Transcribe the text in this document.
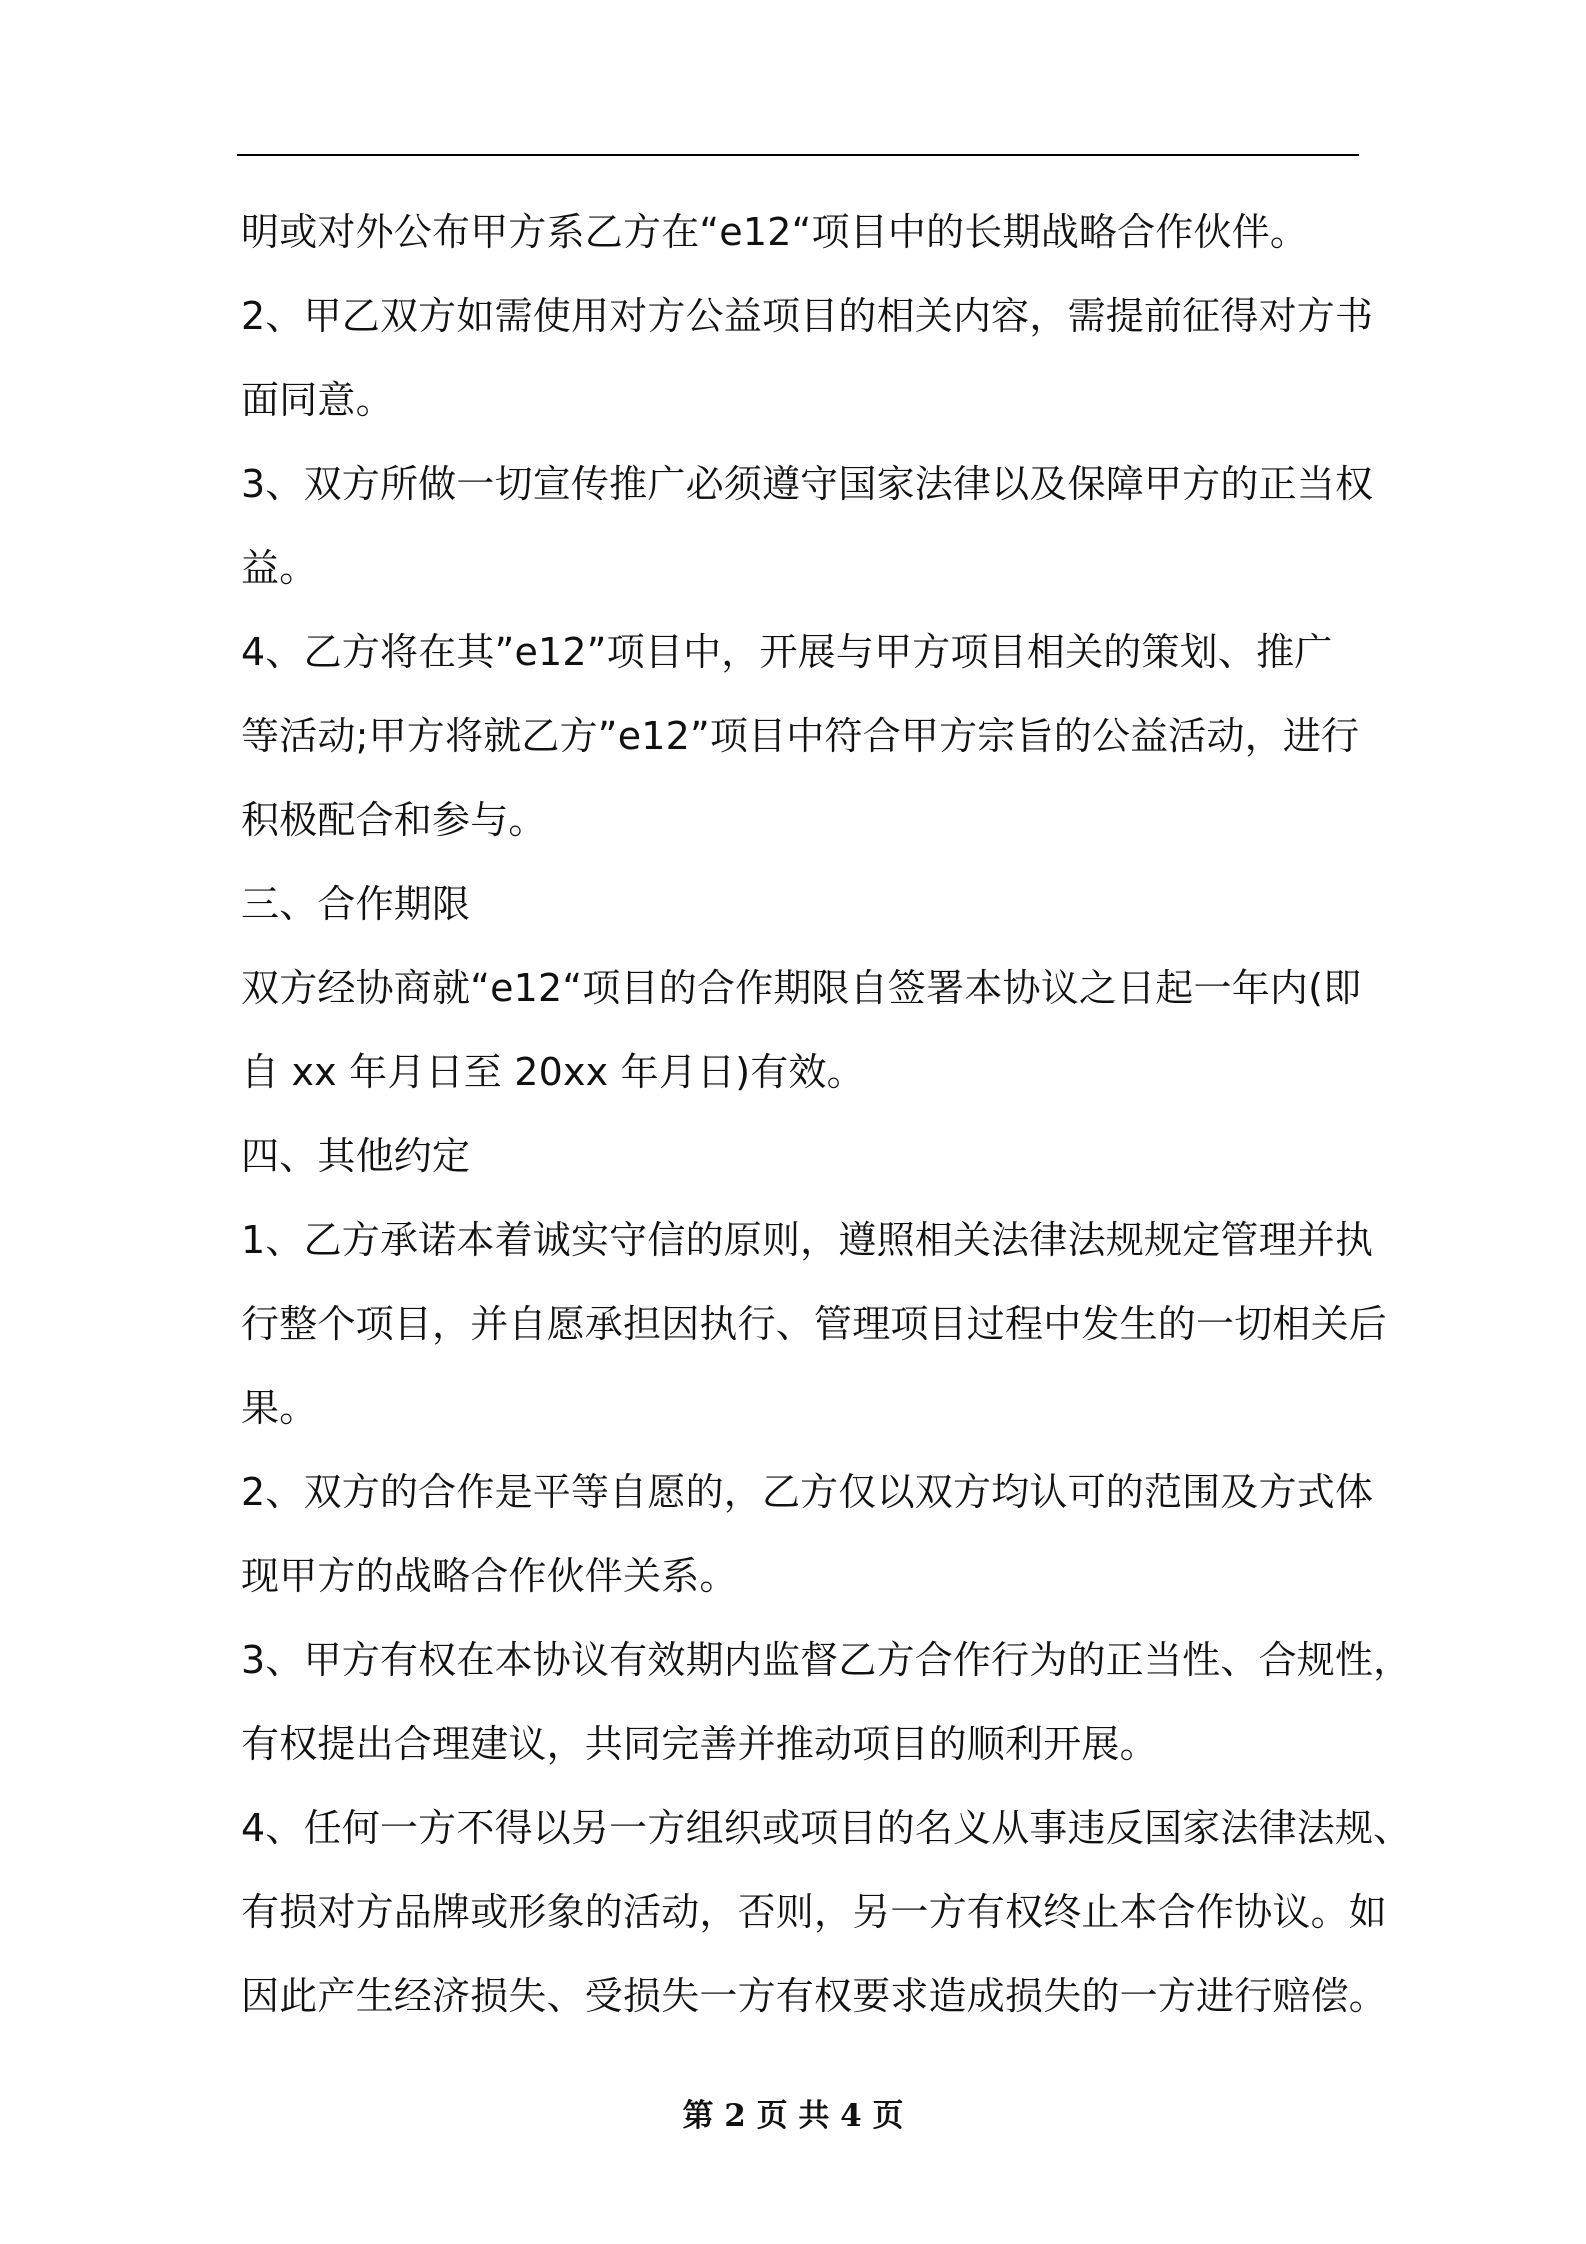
明或对外公布甲方系乙方在“e12“项目中的长期战略合作伙伴。
2、甲乙双方如需使用对方公益项目的相关内容，需提前征得对方书
面同意。
3、双方所做一切宣传推广必须遵守国家法律以及保障甲方的正当权
益。
4、乙方将在其”e12”项目中，开展与甲方项目相关的策划、推广
等活动;甲方将就乙方”e12”项目中符合甲方宗旨的公益活动，进行
积极配合和参与。
三、合作期限
双方经协商就“e12“项目的合作期限自签署本协议之日起一年内(即
自 xx 年月日至 20xx 年月日)有效。
四、其他约定
1、乙方承诺本着诚实守信的原则，遵照相关法律法规规定管理并执
行整个项目，并自愿承担因执行、管理项目过程中发生的一切相关后
果。
2、双方的合作是平等自愿的，乙方仅以双方均认可的范围及方式体
现甲方的战略合作伙伴关系。
3、甲方有权在本协议有效期内监督乙方合作行为的正当性、合规性，
有权提出合理建议，共同完善并推动项目的顺利开展。
4、任何一方不得以另一方组织或项目的名义从事违反国家法律法规、
有损对方品牌或形象的活动，否则，另一方有权终止本合作协议。如
因此产生经济损失、受损失一方有权要求造成损失的一方进行赔偿。
第 2 页 共 4 页
